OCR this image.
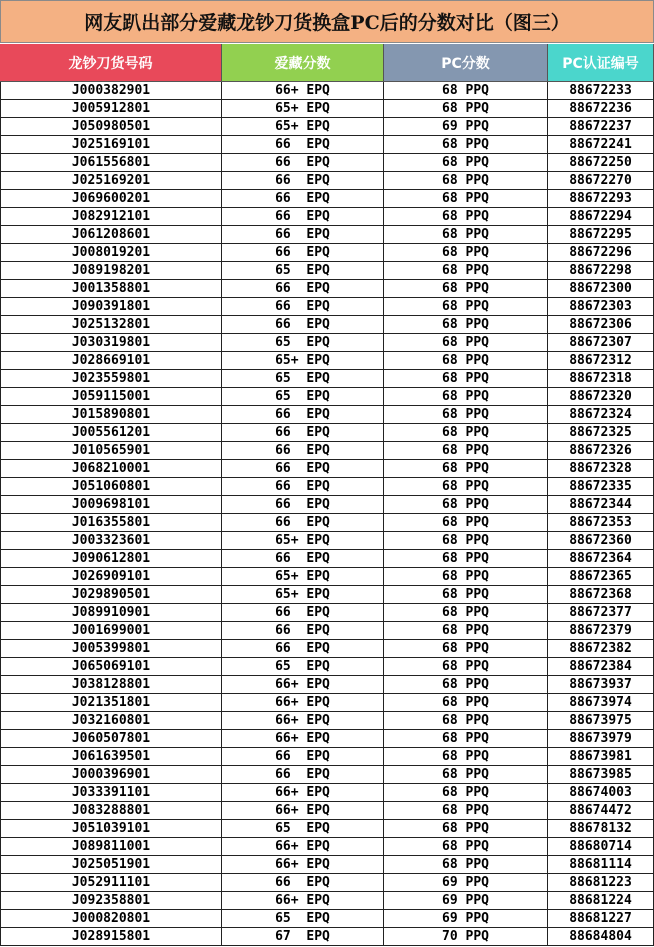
网友趴出部分爱藏龙钞刀货换盒PC后的分数对比（图三）
龙钞刀货号码	爱藏分数	PC分数	PC认证编号
J000382901	66+ EPQ	68 PPQ	88672233
J005912801	65+ EPQ	68 PPQ	88672236
J050980501	65+ EPQ	69 PPQ	88672237
J025169101	66  EPQ	68 PPQ	88672241
J061556801	66  EPQ	68 PPQ	88672250
J025169201	66  EPQ	68 PPQ	88672270
J069600201	66  EPQ	68 PPQ	88672293
J082912101	66  EPQ	68 PPQ	88672294
J061208601	66  EPQ	68 PPQ	88672295
J008019201	66  EPQ	68 PPQ	88672296
J089198201	65  EPQ	68 PPQ	88672298
J001358801	66  EPQ	68 PPQ	88672300
J090391801	66  EPQ	68 PPQ	88672303
J025132801	66  EPQ	68 PPQ	88672306
J030319801	65  EPQ	68 PPQ	88672307
J028669101	65+ EPQ	68 PPQ	88672312
J023559801	65  EPQ	68 PPQ	88672318
J059115001	65  EPQ	68 PPQ	88672320
J015890801	66  EPQ	68 PPQ	88672324
J005561201	66  EPQ	68 PPQ	88672325
J010565901	66  EPQ	68 PPQ	88672326
J068210001	66  EPQ	68 PPQ	88672328
J051060801	66  EPQ	68 PPQ	88672335
J009698101	66  EPQ	68 PPQ	88672344
J016355801	66  EPQ	68 PPQ	88672353
J003323601	65+ EPQ	68 PPQ	88672360
J090612801	66  EPQ	68 PPQ	88672364
J026909101	65+ EPQ	68 PPQ	88672365
J029890501	65+ EPQ	68 PPQ	88672368
J089910901	66  EPQ	68 PPQ	88672377
J001699001	66  EPQ	68 PPQ	88672379
J005399801	66  EPQ	68 PPQ	88672382
J065069101	65  EPQ	68 PPQ	88672384
J038128801	66+ EPQ	68 PPQ	88673937
J021351801	66+ EPQ	68 PPQ	88673974
J032160801	66+ EPQ	68 PPQ	88673975
J060507801	66+ EPQ	68 PPQ	88673979
J061639501	66  EPQ	68 PPQ	88673981
J000396901	66  EPQ	68 PPQ	88673985
J033391101	66+ EPQ	68 PPQ	88674003
J083288801	66+ EPQ	68 PPQ	88674472
J051039101	65  EPQ	68 PPQ	88678132
J089811001	66+ EPQ	68 PPQ	88680714
J025051901	66+ EPQ	68 PPQ	88681114
J052911101	66  EPQ	69 PPQ	88681223
J092358801	66+ EPQ	69 PPQ	88681224
J000820801	65  EPQ	69 PPQ	88681227
J028915801	67  EPQ	70 PPQ	88684804
